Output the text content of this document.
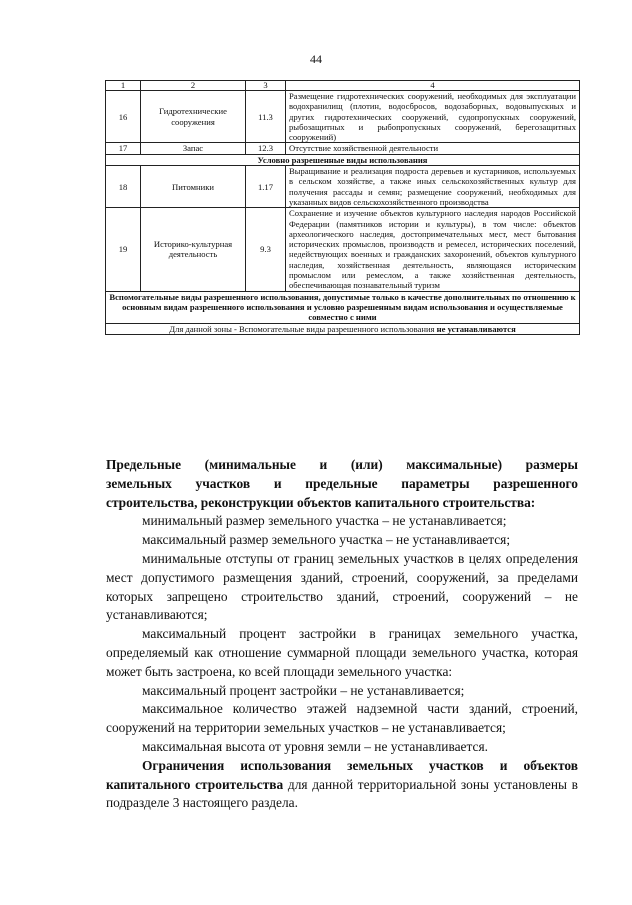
44
1	2	3	4
16	Гидротехнические сооружения	11.3	Размещение гидротехнических сооружений, необходимых для эксплуатации водохранилищ (плотин, водосбросов, водозаборных, водовыпускных и других гидротехнических сооружений, судопропускных сооружений, рыбозащитных и рыбопропускных сооружений, берегозащитных сооружений)
17	Запас	12.3	Отсутствие хозяйственной деятельности
Условно разрешенные виды использования			
18	Питомники	1.17	Выращивание и реализация подроста деревьев и кустарников, используемых в сельском хозяйстве, а также иных сельскохозяйственных культур для получения рассады и семян; размещение сооружений, необходимых для указанных видов сельскохозяйственного производства
19	Историко-культурная деятельность	9.3	Сохранение и изучение объектов культурного наследия народов Российской Федерации (памятников истории и культуры), в том числе: объектов археологического наследия, достопримечательных мест, мест бытования исторических промыслов, производств и ремесел, исторических поселений, недействующих военных и гражданских захоронений, объектов культурного наследия, хозяйственная деятельность, являющаяся историческим промыслом или ремеслом, а также хозяйственная деятельность, обеспечивающая познавательный туризм
Вспомогательные виды разрешенного использования, допустимые только в качестве дополнительных по отношению к основным видам разрешенного использования и условно разрешенным видам использования и осуществляемые совместно с ними			
Для данной зоны - Вспомогательные виды разрешенного использования не устанавливаются			

Предельные (минимальные и (или) максимальные) размеры

земельных участков и предельные параметры разрешенного

строительства, реконструкции объектов капитального строительства:

минимальный размер земельного участка – не устанавливается;

максимальный размер земельного участка – не устанавливается;

минимальные отступы от границ земельных участков в целях определения мест допустимого размещения зданий, строений, сооружений, за пределами которых запрещено строительство зданий, строений, сооружений – не устанавливаются;

максимальный процент застройки в границах земельного участка, определяемый как отношение суммарной площади земельного участка, которая может быть застроена, ко всей площади земельного участка:

максимальный процент застройки – не устанавливается;

максимальное количество этажей надземной части зданий, строений, сооружений на территории земельных участков – не устанавливается;

максимальная высота от уровня земли – не устанавливается.

Ограничения использования земельных участков и объектов капитального строительства для данной территориальной зоны установлены в подразделе 3 настоящего раздела.
